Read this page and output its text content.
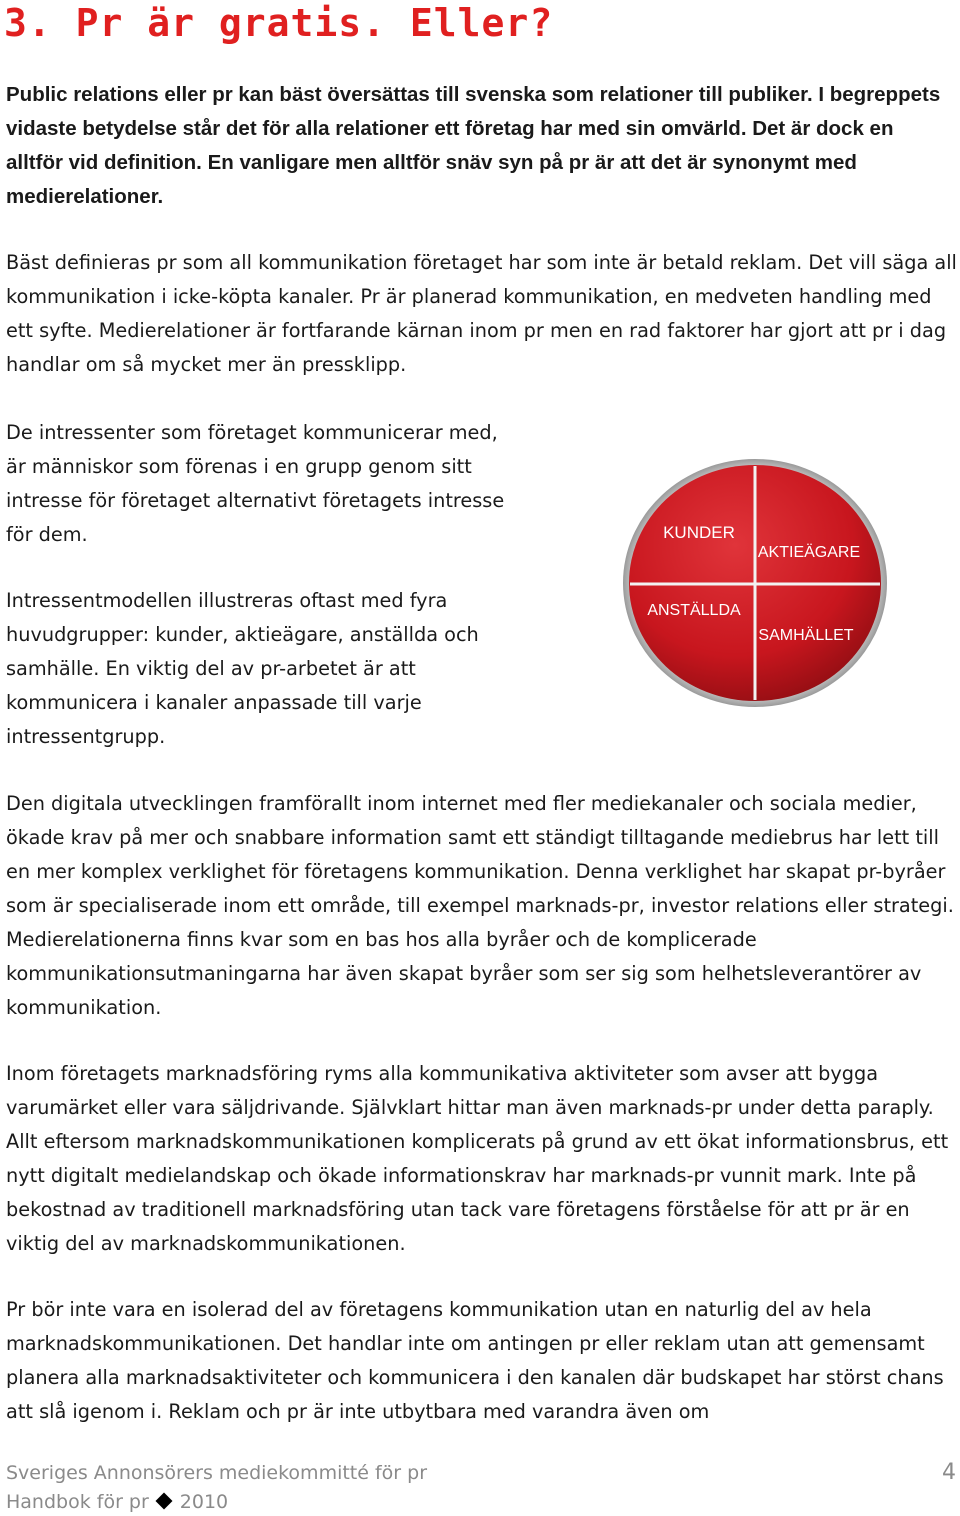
3. Pr är gratis. Eller?

Public relations eller pr kan bäst översättas till svenska som relationer till publiker. I begreppets vidaste betydelse står det för alla relationer ett företag har med sin omvärld. Det är dock en alltför vid definition. En vanligare men alltför snäv syn på pr är att det är synonymt med medierelationer.

Bäst definieras pr som all kommunikation företaget har som inte är betald reklam. Det vill säga all kommunikation i icke-köpta kanaler. Pr är planerad kommunikation, en medveten handling med ett syfte. Medierelationer är fortfarande kärnan inom pr men en rad faktorer har gjort att pr i dag handlar om så mycket mer än pressklipp.

De intressenter som företaget kommunicerar med, är människor som förenas i en grupp genom sitt intresse för företaget alternativt företagets intresse för dem.

Intressentmodellen illustreras oftast med fyra huvudgrupper: kunder, aktieägare, anställda och samhälle. En viktig del av pr-arbetet är att kommunicera i kanaler anpassade till varje intressentgrupp.

KUNDER
AKTIEÄGARE
ANSTÄLLDA
SAMHÄLLET

Den digitala utvecklingen framförallt inom internet med fler mediekanaler och sociala medier, ökade krav på mer och snabbare information samt ett ständigt tilltagande mediebrus har lett till en mer komplex verklighet för företagens kommunikation. Denna verklighet har skapat pr-byråer som är specialiserade inom ett område, till exempel marknads-pr, investor relations eller strategi. Medierelationerna finns kvar som en bas hos alla byråer och de komplicerade kommunikationsutmaningarna har även skapat byråer som ser sig som helhetsleverantörer av kommunikation.

Inom företagets marknadsföring ryms alla kommunikativa aktiviteter som avser att bygga varumärket eller vara säljdrivande. Självklart hittar man även marknads-pr under detta paraply. Allt eftersom marknadskommunikationen komplicerats på grund av ett ökat informationsbrus, ett nytt digitalt medielandskap och ökade informationskrav har marknads-pr vunnit mark. Inte på bekostnad av traditionell marknadsföring utan tack vare företagens förståelse för att pr är en viktig del av marknadskommunikationen.

Pr bör inte vara en isolerad del av företagens kommunikation utan en naturlig del av hela marknadskommunikationen. Det handlar inte om antingen pr eller reklam utan att gemensamt planera alla marknadsaktiviteter och kommunicera i den kanalen där budskapet har störst chans att slå igenom i. Reklam och pr är inte utbytbara med varandra även om

Sveriges Annonsörers mediekommitté för pr
Handbok för pr 2010
4
